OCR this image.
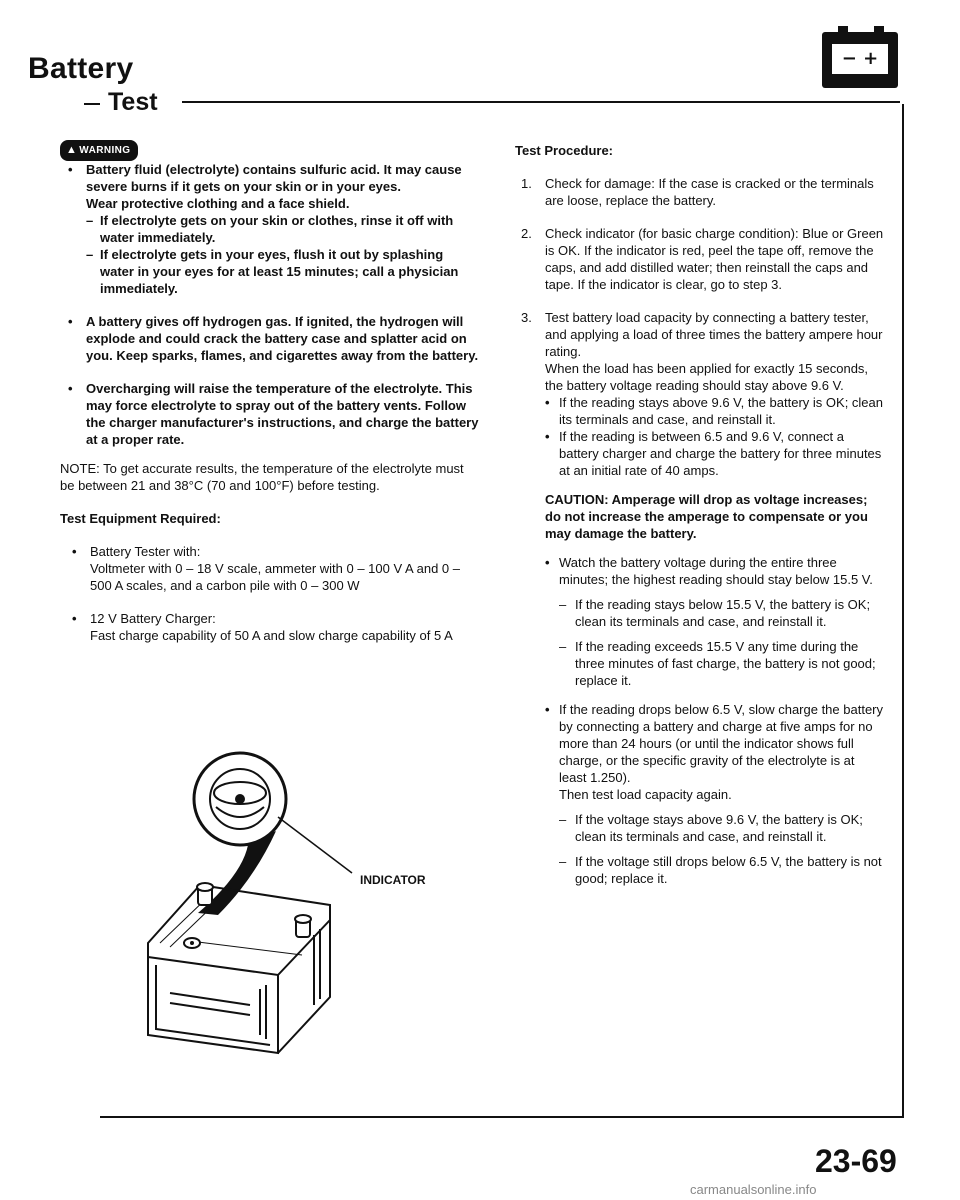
Battery
Test
− +
▲ WARNING
• Battery fluid (electrolyte) contains sulfuric acid. It may cause severe burns if it gets on your skin or in your eyes.

Wear protective clothing and a face shield.

– If electrolyte gets on your skin or clothes, rinse it off with water immediately.

– If electrolyte gets in your eyes, flush it out by splashing water in your eyes for at least 15 minutes; call a physician immediately.

• A battery gives off hydrogen gas. If ignited, the hydrogen will explode and could crack the battery case and splatter acid on you. Keep sparks, flames, and cigarettes away from the battery.

• Overcharging will raise the temperature of the electrolyte. This may force electrolyte to spray out of the battery vents. Follow the charger manufacturer's instructions, and charge the battery at a proper rate.

NOTE: To get accurate results, the temperature of the electrolyte must be between 21 and 38°C (70 and 100°F) before testing.

Test Equipment Required:

• Battery Tester with:

Voltmeter with 0 – 18 V scale, ammeter with 0 – 100 V A and 0 – 500 A scales, and a carbon pile with 0 – 300 W

• 12 V Battery Charger:

Fast charge capability of 50 A and slow charge capability of 5 A

INDICATOR

Test Procedure:

1. Check for damage: If the case is cracked or the terminals are loose, replace the battery.

2. Check indicator (for basic charge condition): Blue or Green is OK. If the indicator is red, peel the tape off, remove the caps, and add distilled water; then reinstall the caps and tape. If the indicator is clear, go to step 3.

3. Test battery load capacity by connecting a battery tester, and applying a load of three times the battery ampere hour rating.

When the load has been applied for exactly 15 seconds, the battery voltage reading should stay above 9.6 V.

• If the reading stays above 9.6 V, the battery is OK; clean its terminals and case, and reinstall it.

• If the reading is between 6.5 and 9.6 V, connect a battery charger and charge the battery for three minutes at an initial rate of 40 amps.

CAUTION: Amperage will drop as voltage increases; do not increase the amperage to compensate or you may damage the battery.

• Watch the battery voltage during the entire three minutes; the highest reading should stay below 15.5 V.

– If the reading stays below 15.5 V, the battery is OK; clean its terminals and case, and reinstall it.

– If the reading exceeds 15.5 V any time during the three minutes of fast charge, the battery is not good; replace it.

• If the reading drops below 6.5 V, slow charge the battery by connecting a battery and charge at five amps for no more than 24 hours (or until the indicator shows full charge, or the specific gravity of the electrolyte is at least 1.250).

Then test load capacity again.

– If the voltage stays above 9.6 V, the battery is OK; clean its terminals and case, and reinstall it.

– If the voltage still drops below 6.5 V, the battery is not good; replace it.

23-69
carmanualsonline.info
